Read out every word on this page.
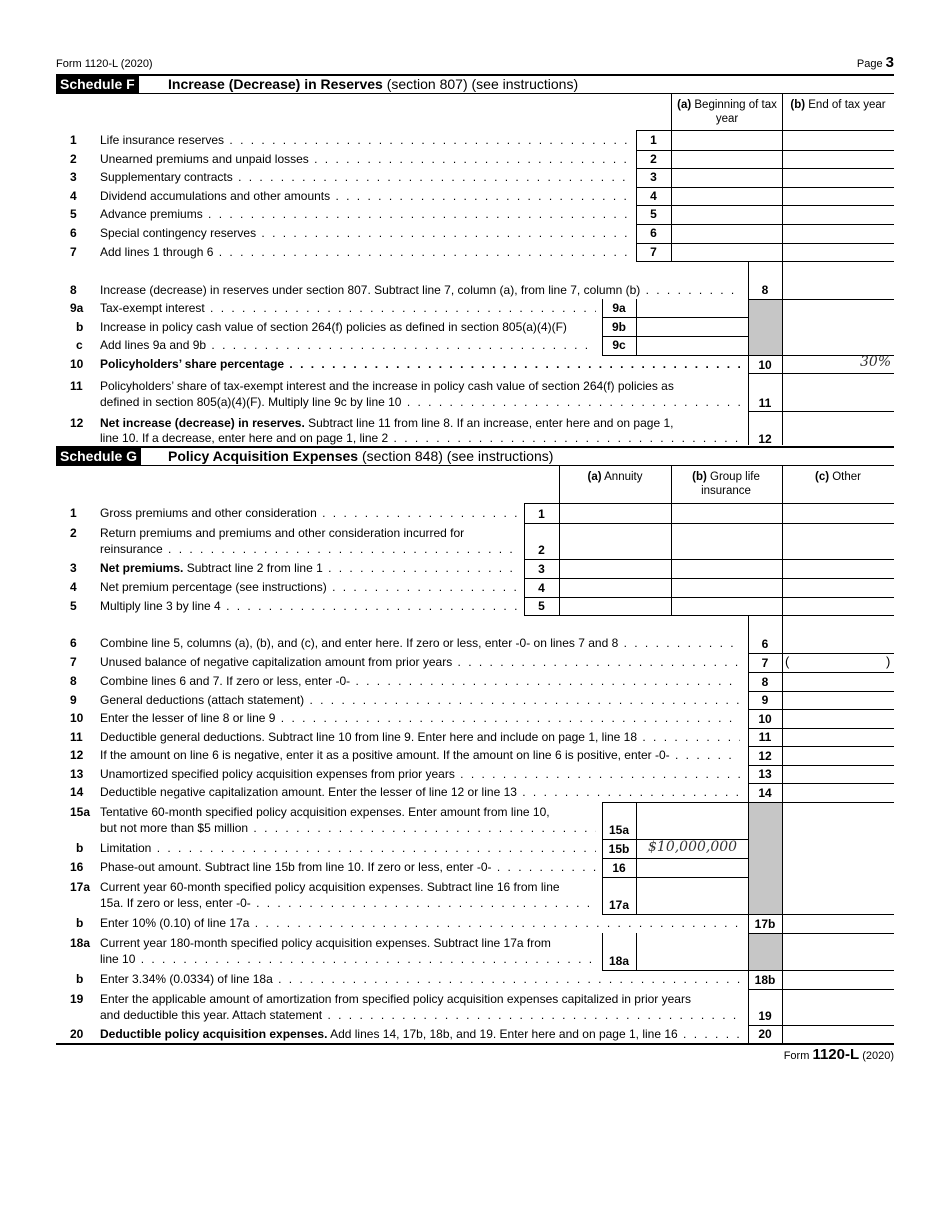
Form 1120-L (2020)	Page 3
Schedule F Increase (Decrease) in Reserves (section 807) (see instructions)
(a) Beginning of tax year
(b) End of tax year
1 Life insurance reserves . . .	1
2 Unearned premiums and unpaid losses . . .	2
3 Supplementary contracts . . .	3
4 Dividend accumulations and other amounts . . .	4
5 Advance premiums . . .	5
6 Special contingency reserves . . .	6
7 Add lines 1 through 6 . . .	7
8 Increase (decrease) in reserves under section 807. Subtract line 7, column (a), from line 7, column (b) . . .	8
9a Tax-exempt interest . . .	9a
b Increase in policy cash value of section 264(f) policies as defined in section 805(a)(4)(F)	9b
c Add lines 9a and 9b . . .	9c
10 Policyholders’ share percentage . . .	10	30%
11 Policyholders’ share of tax-exempt interest and the increase in policy cash value of section 264(f) policies as
defined in section 805(a)(4)(F). Multiply line 9c by line 10 . . .	11
12 Net increase (decrease) in reserves. Subtract line 11 from line 8. If an increase, enter here and on page 1,
line 10. If a decrease, enter here and on page 1, line 2 . . .	12
Schedule G Policy Acquisition Expenses (section 848) (see instructions)
(a) Annuity	(b) Group life insurance
(c) Other
1 Gross premiums and other consideration . . .	1
2 Return premiums and premiums and other consideration incurred for
reinsurance . . .	2
3 Net premiums. Subtract line 2 from line 1 . . .	3
4 Net premium percentage (see instructions) . . .	4
5 Multiply line 3 by line 4 . . .	5
6 Combine line 5, columns (a), (b), and (c), and enter here. If zero or less, enter -0- on lines 7 and 8 . . .	6
7 Unused balance of negative capitalization amount from prior years . . .	7	(	)
8 Combine lines 6 and 7. If zero or less, enter -0- . . .	8
9 General deductions (attach statement) . . .	9
10 Enter the lesser of line 8 or line 9 . . .	10
11 Deductible general deductions. Subtract line 10 from line 9. Enter here and include on page 1, line 18 . . .	11
12 If the amount on line 6 is negative, enter it as a positive amount. If the amount on line 6 is positive, enter -0- . . .	12
13 Unamortized specified policy acquisition expenses from prior years . . .	13
14 Deductible negative capitalization amount. Enter the lesser of line 12 or line 13 . . .	14
15a Tentative 60-month specified policy acquisition expenses. Enter amount from line 10,
but not more than $5 million . . .	15a
b Limitation . . .	15b	$10,000,000
16 Phase-out amount. Subtract line 15b from line 10. If zero or less, enter -0- . . .	16
17a Current year 60-month specified policy acquisition expenses. Subtract line 16 from line
15a. If zero or less, enter -0- . . .	17a
b Enter 10% (0.10) of line 17a . . .	17b
18a Current year 180-month specified policy acquisition expenses. Subtract line 17a from
line 10 . . .	18a
b Enter 3.34% (0.0334) of line 18a . . .	18b
19 Enter the applicable amount of amortization from specified policy acquisition expenses capitalized in prior years
and deductible this year. Attach statement . . .	19
20 Deductible policy acquisition expenses. Add lines 14, 17b, 18b, and 19. Enter here and on page 1, line 16 . . .	20
Form 1120-L (2020)
